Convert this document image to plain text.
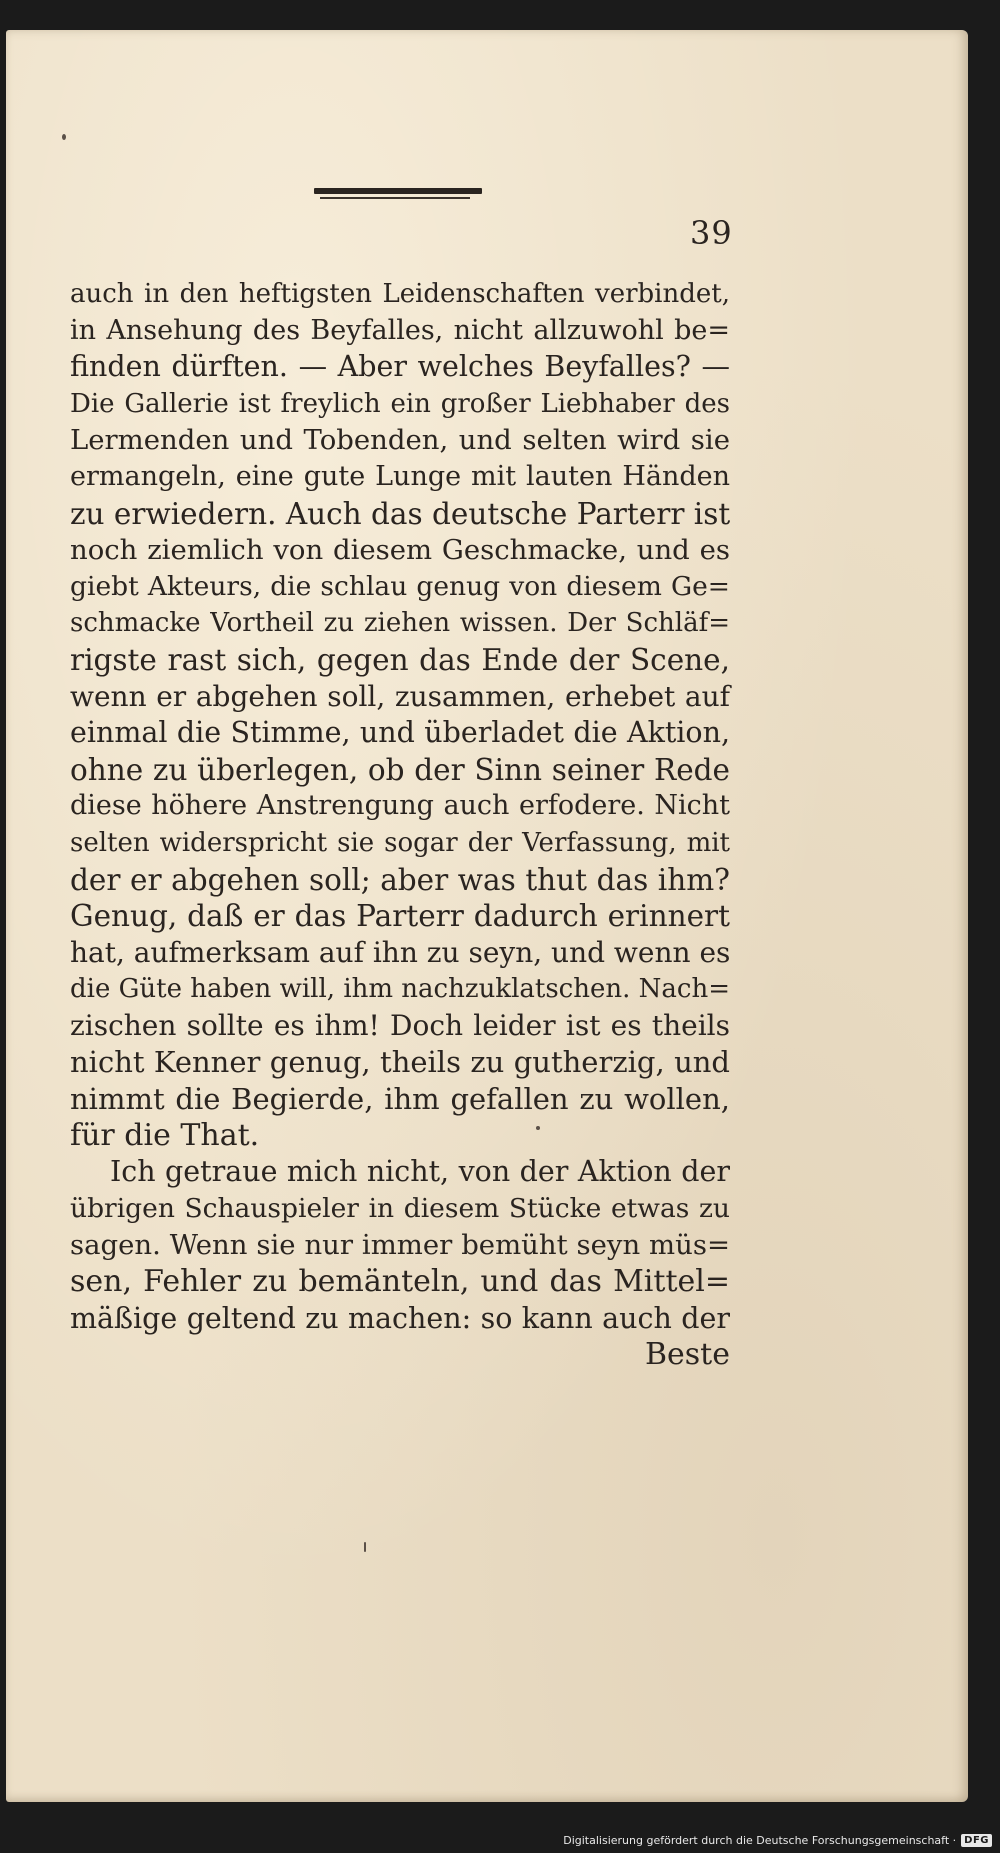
39
auch in den heftigsten Leidenschaften verbindet,
in Ansehung des Beyfalles, nicht allzuwohl be=
finden dürften. — Aber welches Beyfalles? —
Die Gallerie ist freylich ein großer Liebhaber des
Lermenden und Tobenden, und selten wird sie
ermangeln, eine gute Lunge mit lauten Händen
zu erwiedern. Auch das deutsche Parterr ist
noch ziemlich von diesem Geschmacke, und es
giebt Akteurs, die schlau genug von diesem Ge=
schmacke Vortheil zu ziehen wissen. Der Schläf=
rigste rast sich, gegen das Ende der Scene,
wenn er abgehen soll, zusammen, erhebet auf
einmal die Stimme, und überladet die Aktion,
ohne zu überlegen, ob der Sinn seiner Rede
diese höhere Anstrengung auch erfodere. Nicht
selten widerspricht sie sogar der Verfassung, mit
der er abgehen soll; aber was thut das ihm?
Genug, daß er das Parterr dadurch erinnert
hat, aufmerksam auf ihn zu seyn, und wenn es
die Güte haben will, ihm nachzuklatschen. Nach=
zischen sollte es ihm! Doch leider ist es theils
nicht Kenner genug, theils zu gutherzig, und
nimmt die Begierde, ihm gefallen zu wollen,
für die That.
Ich getraue mich nicht, von der Aktion der
übrigen Schauspieler in diesem Stücke etwas zu
sagen. Wenn sie nur immer bemüht seyn müs=
sen, Fehler zu bemänteln, und das Mittel=
mäßige geltend zu machen: so kann auch der
Beste
Digitalisierung gefördert durch die Deutsche Forschungsgemeinschaft · DFG
